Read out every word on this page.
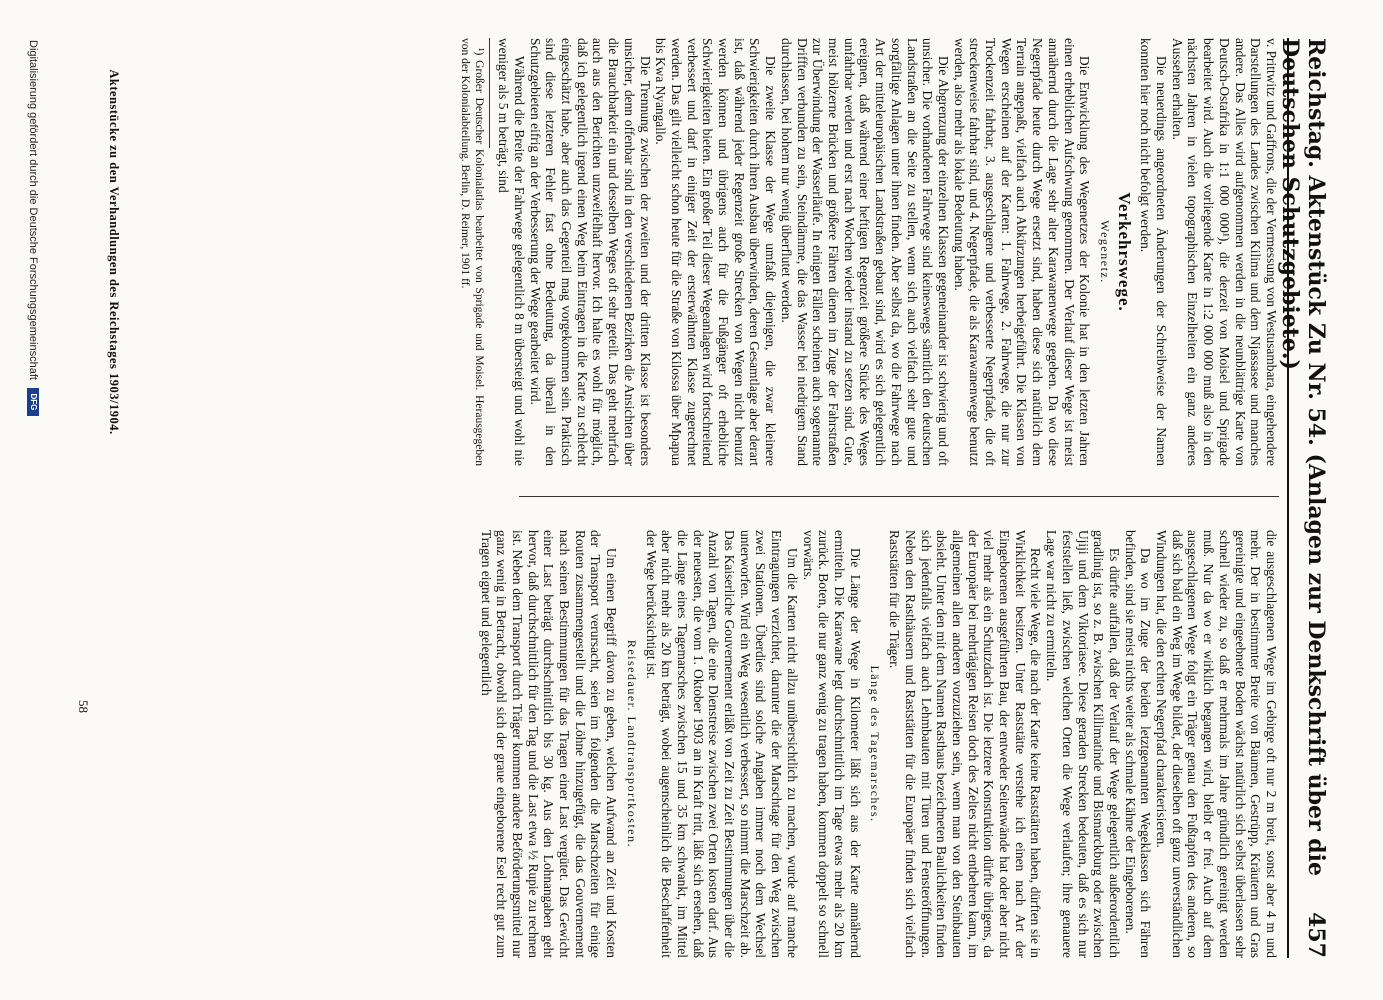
Reichstag. Aktenstück Zu Nr. 54. (Anlagen zur Denkschrift über die Deutschen Schutzgebiete.)
457

v. Prittwitz und Gaffrons, die der Vermessung von Westusambara, eingehendere Darstellungen des Landes zwischen Kilima und dem Njassasee und manches andere. Das Alles wird aufgenommen werden in die neunblättrige Karte von Deutsch-Ostafrika in 1:1 000 000¹), die derzeit von Moisel und Sprigade bearbeitet wird. Auch die vorliegende Karte in 1:2 000 000 muß also in den nächsten Jahren in vielen topographischen Einzelheiten ein ganz anderes Aussehen erhalten.

Die neuerdings angeordneten Änderungen der Schreibweise der Namen konnten hier noch nicht befolgt werden.

Verkehrswege.
Wegenetz.

Die Entwicklung des Wegenetzes der Kolonie hat in den letzten Jahren einen erheblichen Aufschwung genommen. Der Verlauf dieser Wege ist meist annähernd durch die Lage sehr alter Karawanenwege gegeben. Da wo diese Negerpfade heute durch Wege ersetzt sind, haben diese sich natürlich dem Terrain angepaßt, vielfach auch Abkürzungen herbeigeführt. Die Klassen von Wegen erscheinen auf der Karten: 1. Fahrwege, 2. Fahrwege, die nur zur Trockenzeit fahrbar, 3. ausgeschlagene und verbesserte Negerpfade, die oft streckenweise fahrbar sind, und 4. Negerpfade, die als Karawanenwege benutzt werden, also mehr als lokale Bedeutung haben.

Die Abgrenzung der einzelnen Klassen gegeneinander ist schwierig und oft unsicher. Die vorhandenen Fahrwege sind keineswegs sämtlich den deutschen Landstraßen an die Seite zu stellen, wenn sich auch vielfach sehr gute und sorgfältige Anlagen unter ihnen finden. Aber selbst da, wo die Fahrwege nach Art der mitteleuropäischen Landstraßen gebaut sind, wird es sich gelegentlich ereignen, daß während einer heftigen Regenzeit größere Stücke des Weges unfahrbar werden und erst nach Wochen wieder instand zu setzen sind. Gute, meist hölzerne Brücken und größere Fähren dienen im Zuge der Fahrstraßen zur Überwindung der Wasserläufe. In einigen Fällen scheinen auch sogenannte Drifften verbunden zu sein, Steindämme, die das Wasser bei niedrigem Stand durchlassen, bei hohem nur wenig überflutet werden.

Die zweite Klasse der Wege umfaßt diejenigen, die zwar kleinere Schwierigkeiten durch ihren Ausbau überwinden, deren Gesamtlage aber derart ist, daß während jeder Regenzeit große Strecken von Wegen nicht benutzt werden können und übrigens auch für die Fußgänger oft erhebliche Schwierigkeiten bieten. Ein großer Teil dieser Wegeanlagen wird fortschreitend verbessert und darf in einiger Zeit der ersterwähnten Klasse zugerechnet werden. Das gilt vielleicht schon heute für die Straße von Kilossa über Mpapua bis Kwa Nyangallo.

Die Trennung zwischen der zweiten und der dritten Klasse ist besonders unsicher, denn offenbar sind in den verschiedenen Bezirken die Ansichten über die Brauchbarkeit ein und desselben Weges oft sehr geteilt. Das geht mehrfach auch aus den Berichten unzweifelhaft hervor. Ich halte es wohl für möglich, daß ich gelegentlich irgend einen Weg beim Eintragen in die Karte zu schlecht eingeschätzt habe, aber auch das Gegenteil mag vorgekommen sein. Praktisch sind diese letzteren Fehler fast ohne Bedeutung, da überall in den Schutzgebieten eifrig an der Verbesserung der Wege gearbeitet wird.

Während die Breite der Fahrwege gelegentlich 8 m übersteigt und wohl nie weniger als 5 m beträgt, sind

¹) Großer Deutscher Kolonialatlas bearbeitet von Sprigade und Moisel. Herausgegeben von der Kolonialabteilung. Berlin, D. Reimer, 1901 ff.

die ausgeschlagenen Wege im Gebirge oft nur 2 m breit, sonst aber 4 m und mehr. Der in bestimmter Breite von Bäumen, Gestrüpp, Kräutern und Gras gereinigte und eingeebnete Boden wächst natürlich sich selbst überlassen sehr schnell wieder zu, so daß er mehrmals im Jahre gründlich gereinigt werden muß. Nur da wo er wirklich begangen wird, bleibt er frei. Auch auf dem ausgeschlagenen Wege folgt ein Träger genau den Fußtapfen des anderen, so daß sich bald ein Weg im Wege bildet, der dieselben oft ganz unverständlichen Windungen hat, die den echten Negerpfad charakterisieren.

Da wo im Zuge der beiden letztgenannten Wegeklassen sich Fähren befinden, sind sie meist nichts weiter als schmale Kähne der Eingeborenen.

Es dürfte auffallen, daß der Verlauf der Wege gelegentlich außerordentlich gradlinig ist, so z. B. zwischen Killimatinde und Bismarckburg oder zwischen Ujiji und dem Viktoriasee. Diese geraden Strecken bedeuten, daß es sich nur feststellen ließ, zwischen welchen Orten die Wege verlaufen; ihre genauere Lage war nicht zu ermitteln.

Recht viele Wege, die nach der Karte keine Raststätten haben, dürften sie in Wirklichkeit besitzen. Unter Raststätte verstehe ich einen nach Art der Eingeborenen ausgeführten Bau, der entweder Seitenwände hat oder aber nicht viel mehr als ein Schutzdach ist. Die letztere Konstruktion dürfte übrigens, da der Europäer bei mehrtägigen Reisen doch des Zeltes nicht entbehren kann, im allgemeinen allen anderen vorzuziehen sein, wenn man von den Steinbauten absieht. Unter den mit dem Namen Rasthaus bezeichneten Baulichkeiten finden sich jedenfalls vielfach auch Lehmbauten mit Türen und Fensteröffnungen. Neben den Rasthäusern und Raststätten für die Europäer finden sich vielfach Raststätten für die Träger.

Länge des Tagemarsches.

Die Länge der Wege in Kilometer läßt sich aus der Karte annähernd ermitteln. Die Karawane legt durchschnittlich im Tage etwas mehr als 20 km zurück. Boten, die nur ganz wenig zu tragen haben, kommen doppelt so schnell vorwärts.

Um die Karten nicht allzu unübersichtlich zu machen, wurde auf manche Eintragungen verzichtet, darunter die der Marschtage für den Weg zwischen zwei Stationen. Überdies sind solche Angaben immer noch dem Wechsel unterworfen. Wird ein Weg wesentlich verbessert, so nimmt die Marschzeit ab. Das Kaiserliche Gouvernement erläßt von Zeit zu Zeit Bestimmungen über die Anzahl von Tagen, die eine Dienstreise zwischen zwei Orten kosten darf. Aus der neuesten, die vom 1. Oktober 1903 an in Kraft tritt, läßt sich ersehen, daß die Länge eines Tagemarsches zwischen 15 und 35 km schwankt, im Mittel aber nicht mehr als 20 km beträgt, wobei augenscheinlich die Beschaffenheit der Wege berücksichtigt ist.

Reisedauer. Landtransportkosten.

Um einen Begriff davon zu geben, welchen Aufwand an Zeit und Kosten der Transport verursacht, seien im folgenden die Marschzeiten für einige Routen zusammengestellt und die Löhne hinzugefügt, die das Gouvernement nach seinen Bestimmungen für das Tragen einer Last vergütet. Das Gewicht einer Last beträgt durchschnittlich bis 30 kg. Aus den Lohnangaben geht hervor, daß durchschnittlich für den Tag und die Last etwa ½ Rupie zu rechnen ist. Neben dem Transport durch Träger kommen andere Beförderungsmittel nur ganz wenig in Betracht, obwohl sich der graue eingeborene Esel recht gut zum Tragen eignet und gelegentlich

Aktenstücke zu den Verhandlungen des Reichstages 1903/1904.
58
Digitalisierung gefördert durch die Deutsche Forschungsgemeinschaft
DFG
